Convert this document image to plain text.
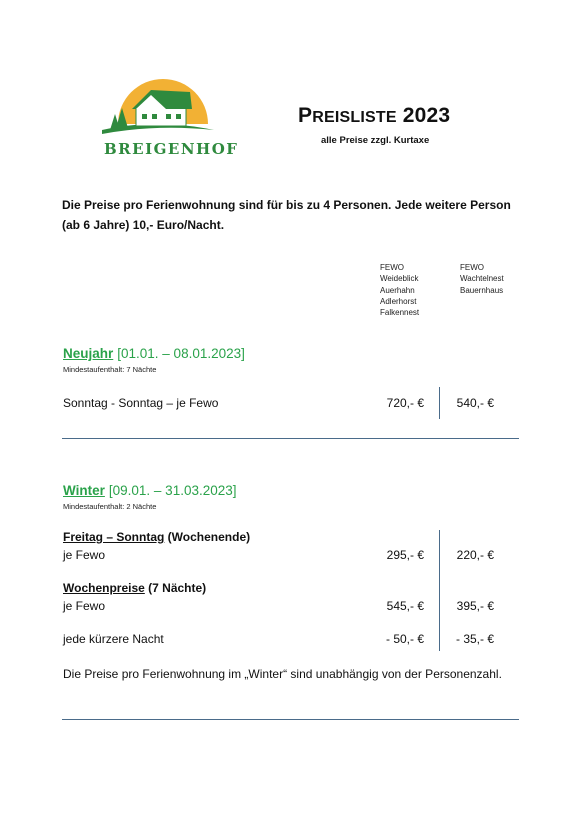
BREIGENHOF
PREISLISTE 2023
alle Preise zzgl. Kurtaxe
Die Preise pro Ferienwohnung sind für bis zu 4 Personen. Jede weitere Person (ab 6 Jahre) 10,- Euro/Nacht.
FEWO
Weideblick
Auerhahn
Adlerhorst
Falkennest
FEWO
Wachtelnest
Bauernhaus
Neujahr [01.01. – 08.01.2023]
Mindestaufenthalt: 7 Nächte
Sonntag - Sonntag – je Fewo	720,- €	540,- €
Winter [09.01. – 31.03.2023]
Mindestaufenthalt: 2 Nächte
Freitag – Sonntag (Wochenende)
je Fewo	295,- €	220,- €
Wochenpreise (7 Nächte)
je Fewo	545,- €	395,- €
jede kürzere Nacht	- 50,- €	- 35,- €
Die Preise pro Ferienwohnung im „Winter“ sind unabhängig von der Personenzahl.
